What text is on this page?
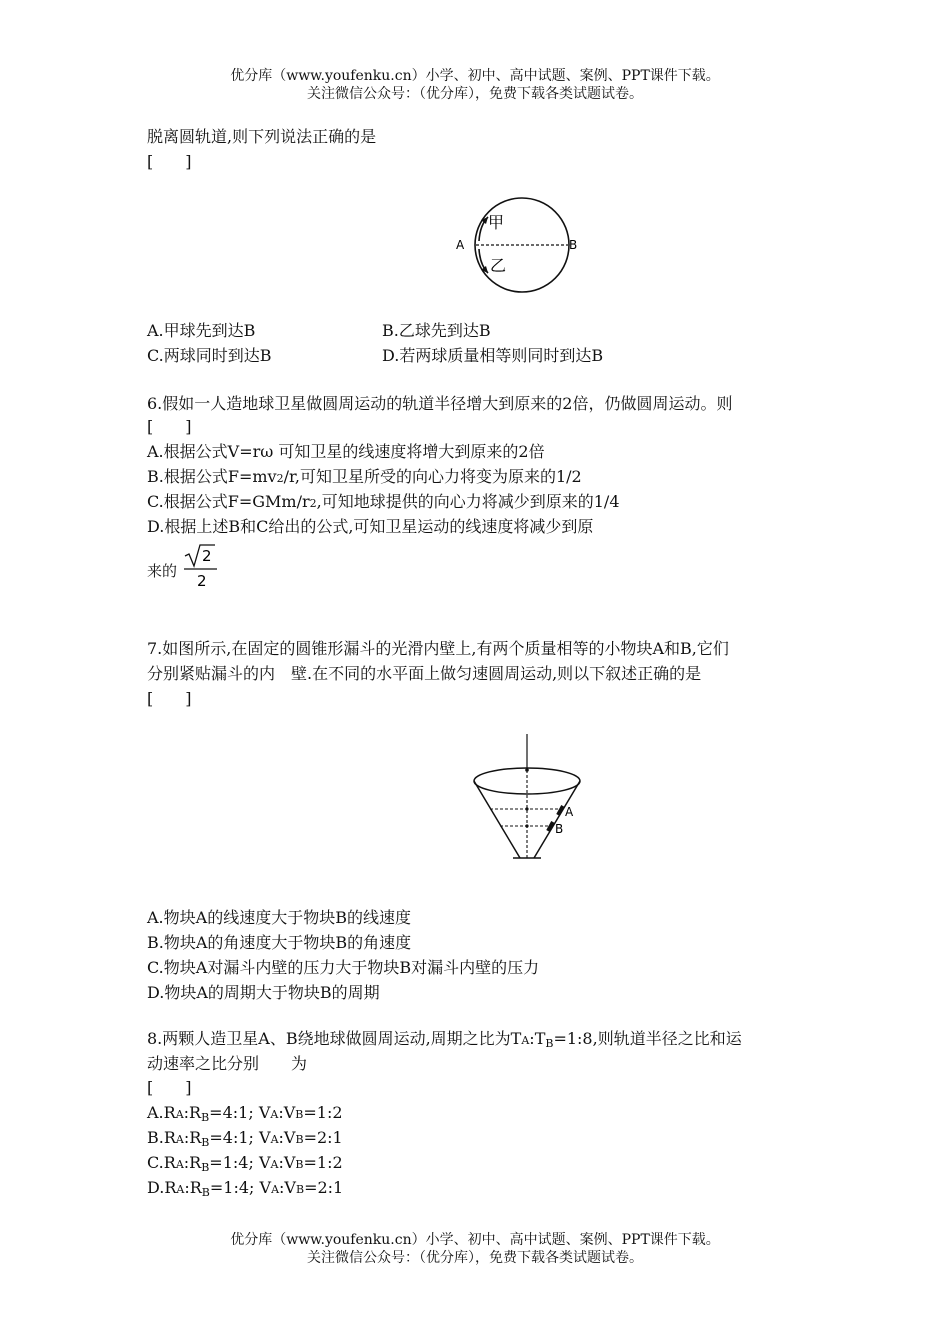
优分库（www.youfenku.cn）小学、初中、高中试题、案例、PPT课件下载。
关注微信公众号：（优分库），免费下载各类试题试卷。
脱离圆轨道,则下列说法正确的是
[　　]
A	B
甲
乙
A.甲球先到达B	B.乙球先到达B
C.两球同时到达B	D.若两球质量相等则同时到达B
6.假如一人造地球卫星做圆周运动的轨道半径增大到原来的2倍，仍做圆周运动。则
[　　]
A.根据公式V=rω 可知卫星的线速度将增大到原来的2倍
B.根据公式F=mv2/r,可知卫星所受的向心力将变为原来的1/2
C.根据公式F=GMm/r2,可知地球提供的向心力将减少到原来的1/4
D.根据上述B和C给出的公式,可知卫星运动的线速度将减少到原
来的
2
2
7.如图所示,在固定的圆锥形漏斗的光滑内壁上,有两个质量相等的小物块A和B,它们
分别紧贴漏斗的内　壁.在不同的水平面上做匀速圆周运动,则以下叙述正确的是
[　　]
A
B
A.物块A的线速度大于物块B的线速度
B.物块A的角速度大于物块B的角速度
C.物块A对漏斗内壁的压力大于物块B对漏斗内壁的压力
D.物块A的周期大于物块B的周期
8.两颗人造卫星A、B绕地球做圆周运动,周期之比为TA:TB=1:8,则轨道半径之比和运
动速率之比分别　　为
[　　]
A.RA:RB=4:1; VA:VB=1:2
B.RA:RB=4:1; VA:VB=2:1
C.RA:RB=1:4; VA:VB=1:2
D.RA:RB=1:4; VA:VB=2:1
优分库（www.youfenku.cn）小学、初中、高中试题、案例、PPT课件下载。
关注微信公众号：（优分库），免费下载各类试题试卷。
